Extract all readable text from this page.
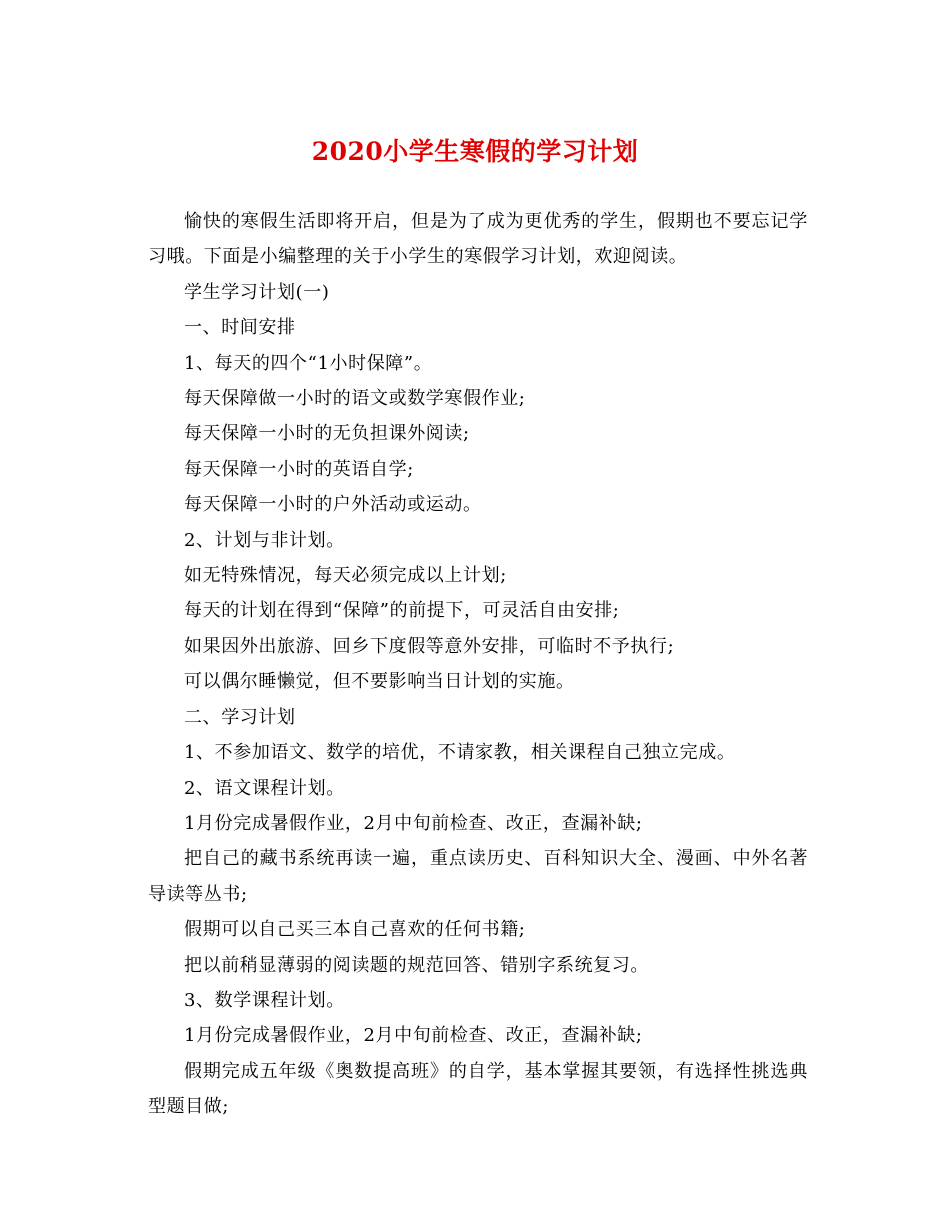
2020小学生寒假的学习计划

愉快的寒假生活即将开启，但是为了成为更优秀的学生，假期也不要忘记学习哦。下面是小编整理的关于小学生的寒假学习计划，欢迎阅读。

学生学习计划(一)

一、时间安排

1、每天的四个“1小时保障”。

每天保障做一小时的语文或数学寒假作业;

每天保障一小时的无负担课外阅读;

每天保障一小时的英语自学;

每天保障一小时的户外活动或运动。

2、计划与非计划。

如无特殊情况，每天必须完成以上计划;

每天的计划在得到“保障”的前提下，可灵活自由安排;

如果因外出旅游、回乡下度假等意外安排，可临时不予执行;

可以偶尔睡懒觉，但不要影响当日计划的实施。

二、学习计划

1、不参加语文、数学的培优，不请家教，相关课程自己独立完成。

2、语文课程计划。

1月份完成暑假作业，2月中旬前检查、改正，查漏补缺;

把自己的藏书系统再读一遍，重点读历史、百科知识大全、漫画、中外名著导读等丛书;

假期可以自己买三本自己喜欢的任何书籍;

把以前稍显薄弱的阅读题的规范回答、错别字系统复习。

3、数学课程计划。

1月份完成暑假作业，2月中旬前检查、改正，查漏补缺;

假期完成五年级《奥数提高班》的自学，基本掌握其要领，有选择性挑选典型题目做;
